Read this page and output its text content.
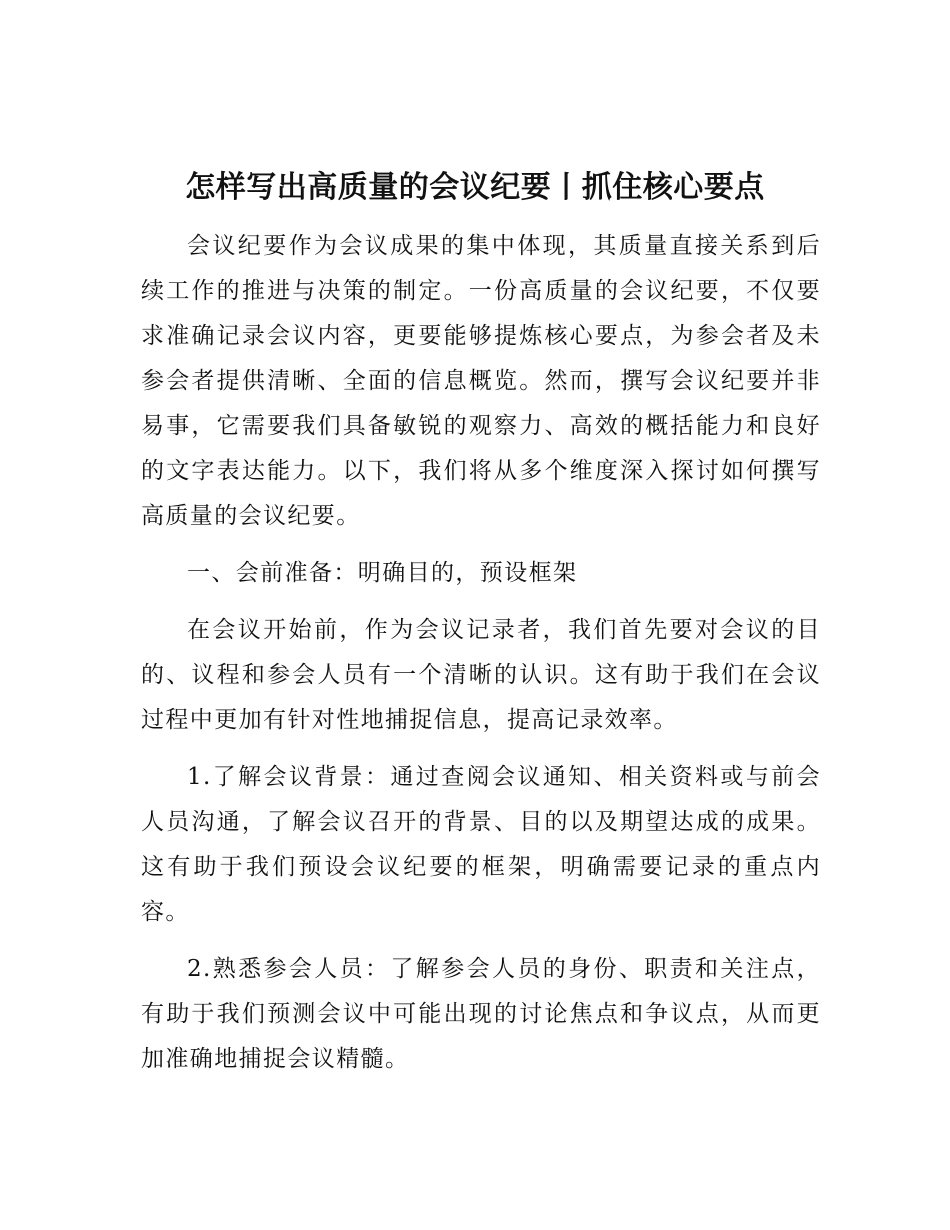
怎样写出高质量的会议纪要丨抓住核心要点

会议纪要作为会议成果的集中体现，其质量直接关系到后续工作的推进与决策的制定。一份高质量的会议纪要，不仅要求准确记录会议内容，更要能够提炼核心要点，为参会者及未参会者提供清晰、全面的信息概览。然而，撰写会议纪要并非易事，它需要我们具备敏锐的观察力、高效的概括能力和良好的文字表达能力。以下，我们将从多个维度深入探讨如何撰写高质量的会议纪要。

一、会前准备：明确目的，预设框架

在会议开始前，作为会议记录者，我们首先要对会议的目的、议程和参会人员有一个清晰的认识。这有助于我们在会议过程中更加有针对性地捕捉信息，提高记录效率。

1.了解会议背景：通过查阅会议通知、相关资料或与前会人员沟通，了解会议召开的背景、目的以及期望达成的成果。这有助于我们预设会议纪要的框架，明确需要记录的重点内容。

2.熟悉参会人员：了解参会人员的身份、职责和关注点，有助于我们预测会议中可能出现的讨论焦点和争议点，从而更加准确地捕捉会议精髓。
